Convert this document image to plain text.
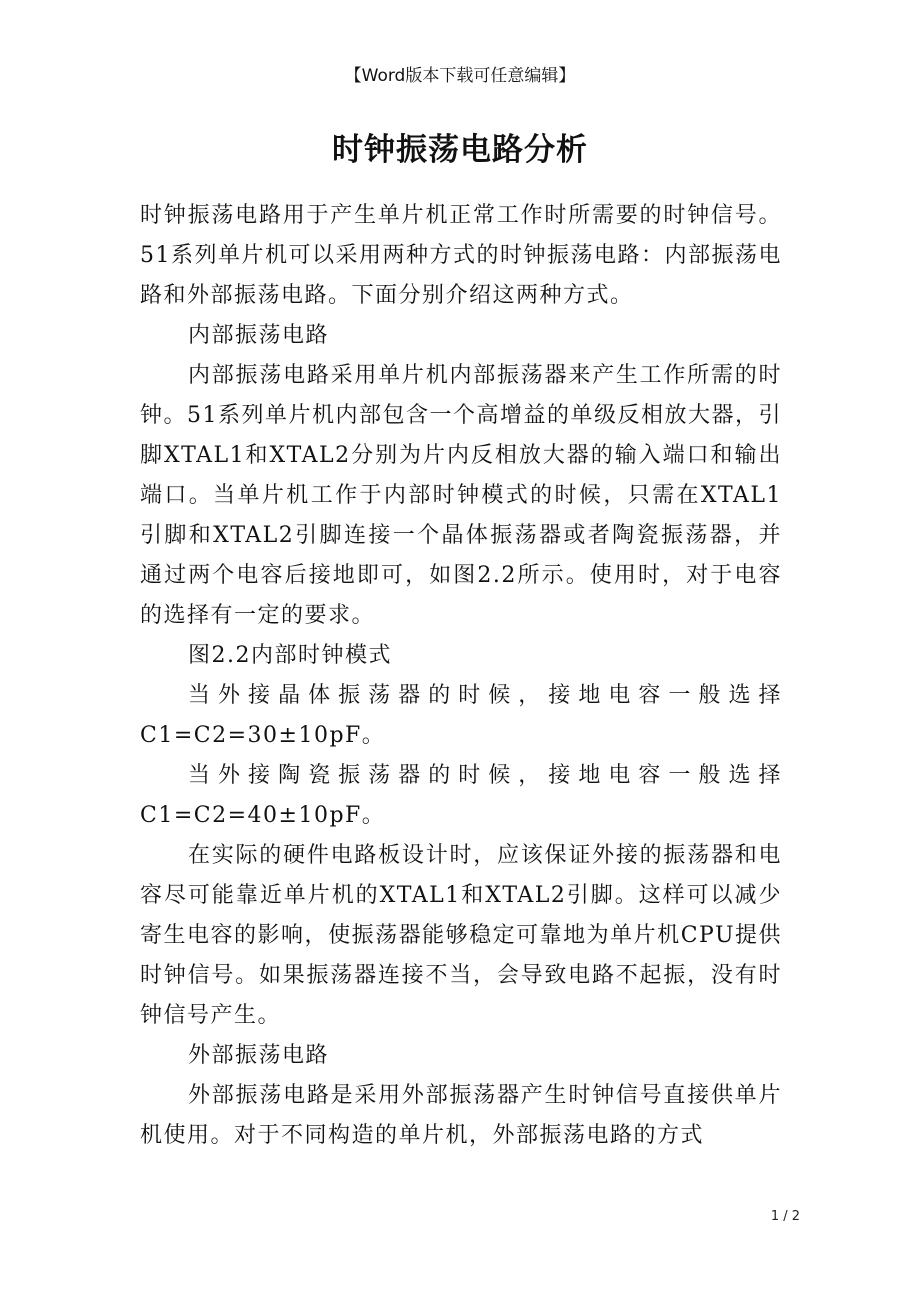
【Word版本下载可任意编辑】
时钟振荡电路分析

时钟振荡电路用于产生单片机正常工作时所需要的时钟信号。51系列单片机可以采用两种方式的时钟振荡电路：内部振荡电路和外部振荡电路。下面分别介绍这两种方式。

内部振荡电路

内部振荡电路采用单片机内部振荡器来产生工作所需的时钟。51系列单片机内部包含一个高增益的单级反相放大器，引脚XTAL1和XTAL2分别为片内反相放大器的输入端口和输出端口。当单片机工作于内部时钟模式的时候，只需在XTAL1引脚和XTAL2引脚连接一个晶体振荡器或者陶瓷振荡器，并通过两个电容后接地即可，如图2.2所示。使用时，对于电容的选择有一定的要求。

图2.2内部时钟模式

当外接晶体振荡器的时候，接地电容一般选择C1=C2=30±10pF。

当外接陶瓷振荡器的时候，接地电容一般选择C1=C2=40±10pF。

在实际的硬件电路板设计时，应该保证外接的振荡器和电容尽可能靠近单片机的XTAL1和XTAL2引脚。这样可以减少寄生电容的影响，使振荡器能够稳定可靠地为单片机CPU提供时钟信号。如果振荡器连接不当，会导致电路不起振，没有时钟信号产生。

外部振荡电路

外部振荡电路是采用外部振荡器产生时钟信号直接供单片机使用。对于不同构造的单片机，外部振荡电路的方式

1 / 2
